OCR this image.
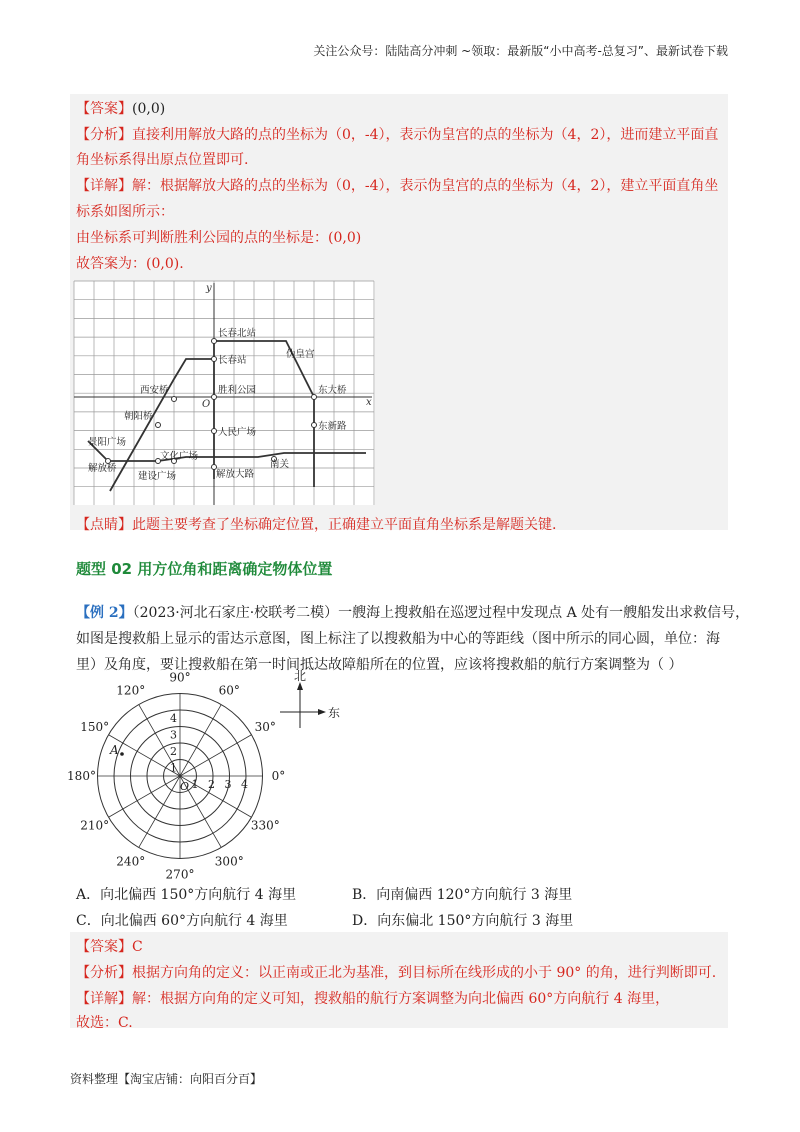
关注公众号：陆陆高分冲刺 ~领取：最新版“小中高考-总复习”、最新试卷下载
【答案】(0,0)
【分析】直接利用解放大路的点的坐标为（0，-4），表示伪皇宫的点的坐标为（4，2），进而建立平面直
角坐标系得出原点位置即可.
【详解】解：根据解放大路的点的坐标为（0，-4），表示伪皇宫的点的坐标为（4，2），建立平面直角坐
标系如图所示：
由坐标系可判断胜利公园的点的坐标是：(0,0)
故答案为：(0,0).
y
x
O
长春北站
长春站
伪皇宫
胜利公园
西安桥	东大桥
朝阳桥
东新路
人民广场
景阳广场
文化广场
解放桥
建设广场	解放大路
南关
【点睛】此题主要考查了坐标确定位置，正确建立平面直角坐标系是解题关键.
题型 02 用方位角和距离确定物体位置
【例 2】（2023·河北石家庄·校联考二模）一艘海上搜救船在巡逻过程中发现点 A 处有一艘船发出求救信号，
如图是搜救船上显示的雷达示意图，图上标注了以搜救船为中心的等距线（图中所示的同心圆，单位：海
里）及角度，要让搜救船在第一时间抵达故障船所在的位置，应该将搜救船的航行方案调整为（ ）
0°
30°
60°
90°
120°
150°
180°
210°
240°
270°
300°
330°
1
1
2
2
3
3
4
4
A
O
北
东
A．向北偏西 150°方向航行 4 海里	B．向南偏西 120°方向航行 3 海里
C．向北偏西 60°方向航行 4 海里	D．向东偏北 150°方向航行 3 海里
【答案】C
【分析】根据方向角的定义：以正南或正北为基准，到目标所在线形成的小于 90° 的角，进行判断即可.
【详解】解：根据方向角的定义可知，搜救船的航行方案调整为向北偏西 60°方向航行 4 海里，
故选：C.
资料整理【淘宝店铺：向阳百分百】
